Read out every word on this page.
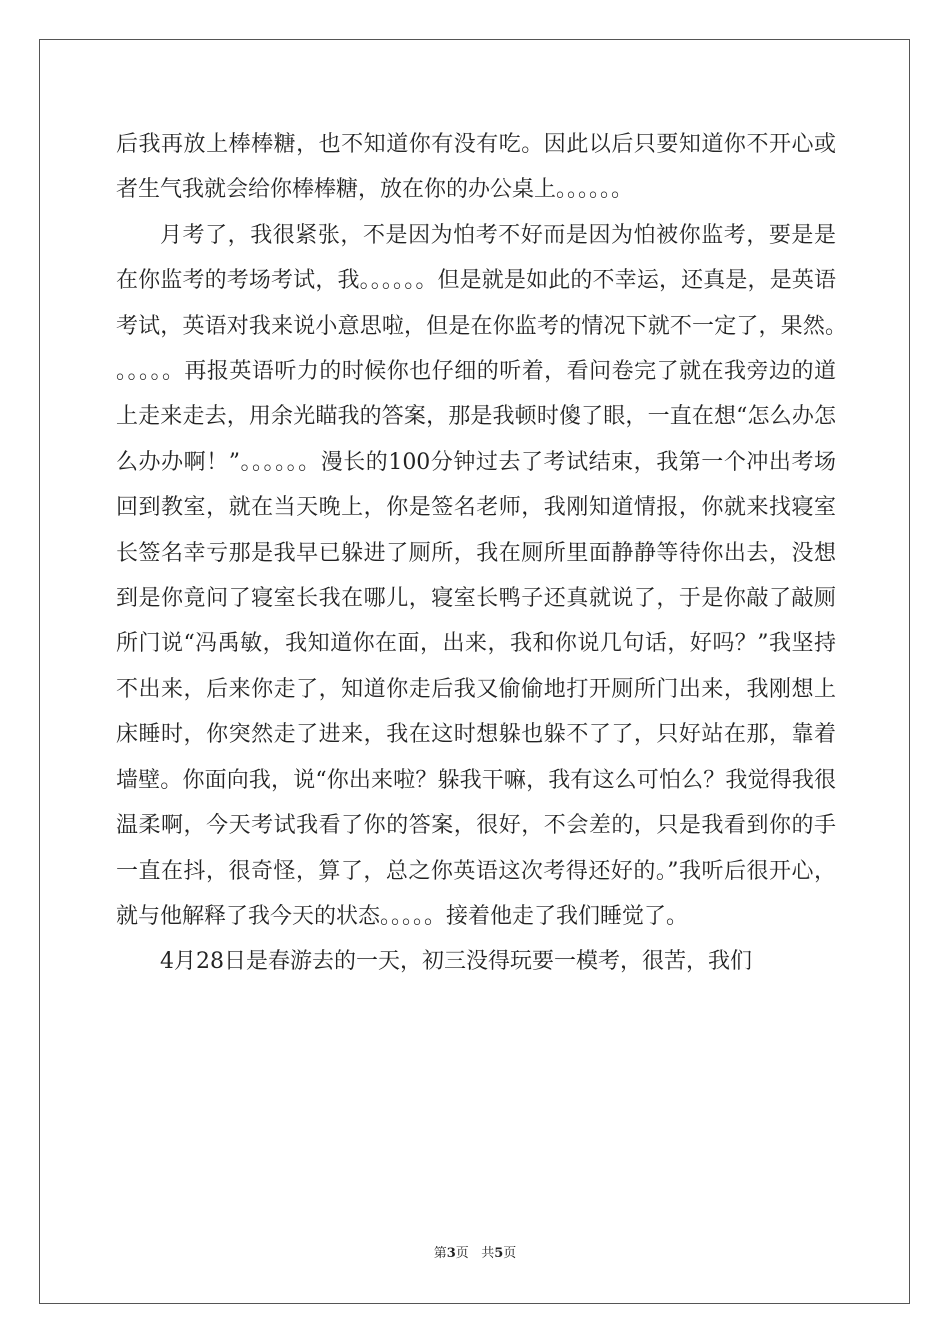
后我再放上棒棒糖，也不知道你有没有吃。因此以后只要知道你不开心或者生气我就会给你棒棒糖，放在你的办公桌上。。。。。。

月考了，我很紧张，不是因为怕考不好而是因为怕被你监考，要是是在你监考的考场考试，我。。。。。。但是就是如此的不幸运，还真是，是英语考试，英语对我来说小意思啦，但是在你监考的情况下就不一定了，果然。。。。。。再报英语听力的时候你也仔细的听着，看问卷完了就在我旁边的道上走来走去，用余光瞄我的答案，那是我顿时傻了眼，一直在想“怎么办怎么办办啊！”。。。。。。漫长的100分钟过去了考试结束，我第一个冲出考场回到教室，就在当天晚上，你是签名老师，我刚知道情报，你就来找寝室长签名幸亏那是我早已躲进了厕所，我在厕所里面静静等待你出去，没想到是你竟问了寝室长我在哪儿，寝室长鸭子还真就说了，于是你敲了敲厕所门说“冯禹敏，我知道你在面，出来，我和你说几句话，好吗？”我坚持不出来，后来你走了，知道你走后我又偷偷地打开厕所门出来，我刚想上床睡时，你突然走了进来，我在这时想躲也躲不了了，只好站在那，靠着墙壁。你面向我，说“你出来啦？躲我干嘛，我有这么可怕么？我觉得我很温柔啊，今天考试我看了你的答案，很好，不会差的，只是我看到你的手一直在抖，很奇怪，算了，总之你英语这次考得还好的。”我听后很开心，就与他解释了我今天的状态。。。。。接着他走了我们睡觉了。

4月28日是春游去的一天，初三没得玩要一模考，很苦，我们

第3页 共5页
